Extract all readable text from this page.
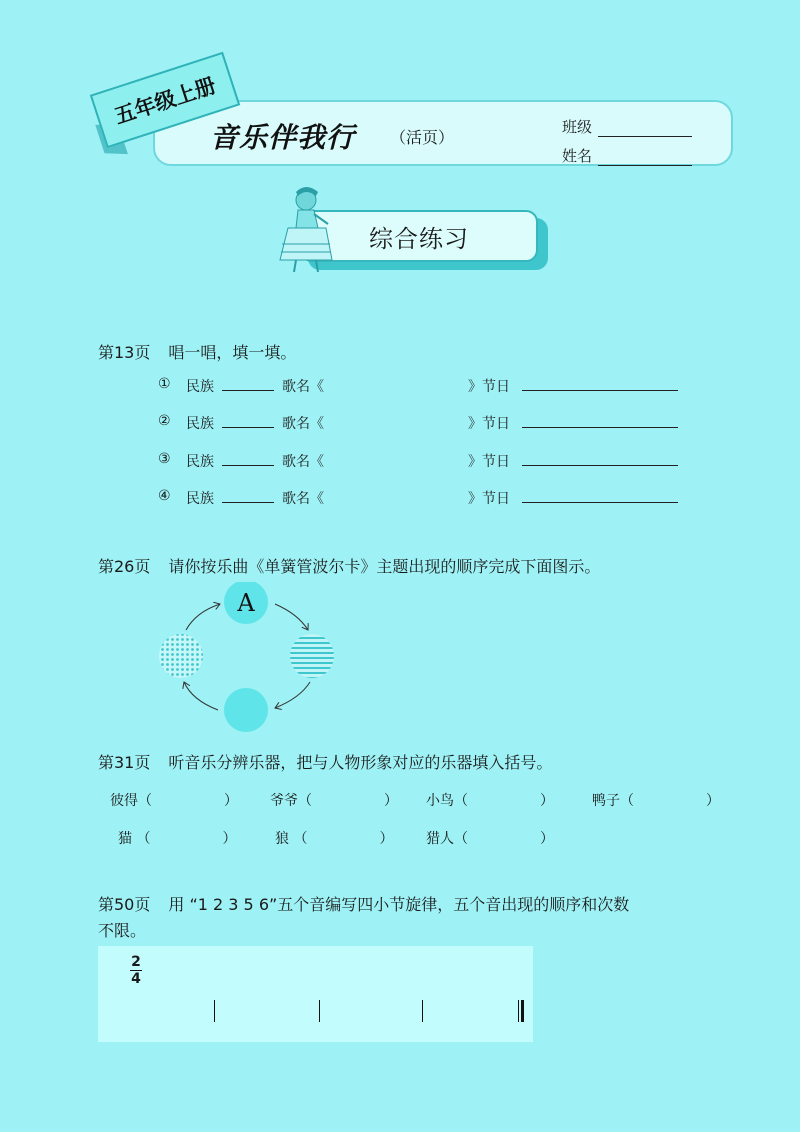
五年级上册
音乐伴我行 （活页）
班级
姓名
综合练习
第13页 唱一唱，填一填。
① 民族	歌名《	》节日
② 民族	歌名《	》节日
③ 民族	歌名《	》节日
④ 民族	歌名《	》节日
第26页 请你按乐曲《单簧管波尔卡》主题出现的顺序完成下面图示。
A
第31页 听音乐分辨乐器，把与人物形象对应的乐器填入括号。
彼得（	） 爷爷（	） 小鸟（	）	鸭子（	）
猫 （	）	狼 （	） 猎人（	）
第50页 用 “1 2 3 5 6”五个音编写四小节旋律，五个音出现的顺序和次数
不限。
2
4
